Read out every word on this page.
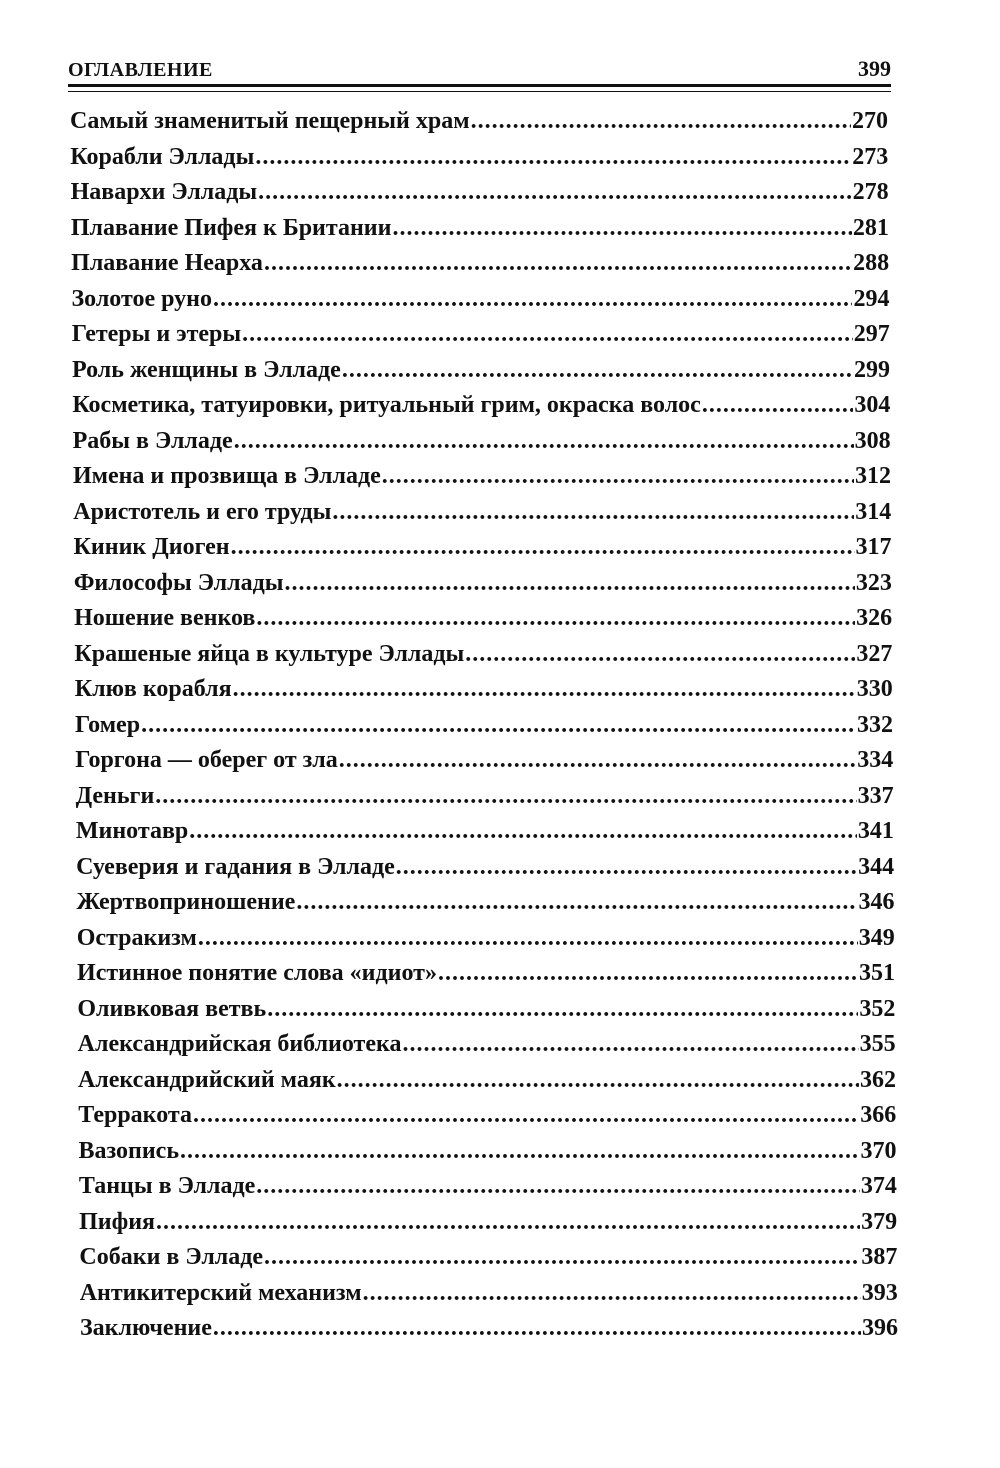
ОГЛАВЛЕНИЕ	399
Самый знаменитый пещерный храм .....	270
Корабли Эллады .....	273
Наварxи Эллады .....	278
Плавание Пифея к Британии .....	281
Плавание Неарха .....	288
Золотое руно .....	294
Гетеры и этеры .....	297
Роль женщины в Элладе .....	299
Косметика, татуировки, ритуальный грим, окраска волос .....	304
Рабы в Элладе .....	308
Имена и прозвища в Элладе .....	312
Аристотель и его труды .....	314
Киник Диоген .....	317
Философы Эллады .....	323
Ношение венков .....	326
Крашеные яйца в культуре Эллады .....	327
Клюв корабля .....	330
Гомер .....	332
Горгона — оберег от зла .....	334
Деньги .....	337
Минотавр .....	341
Суеверия и гадания в Элладе .....	344
Жертвоприношение .....	346
Остракизм .....	349
Истинное понятие слова «идиот» .....	351
Оливковая ветвь .....	352
Александрийская библиотека .....	355
Александрийский маяк .....	362
Терракота .....	366
Вазопись .....	370
Танцы в Элладе .....	374
Пифия .....	379
Собаки в Элладе .....	387
Антикитерский механизм .....	393
Заключение .....	396
